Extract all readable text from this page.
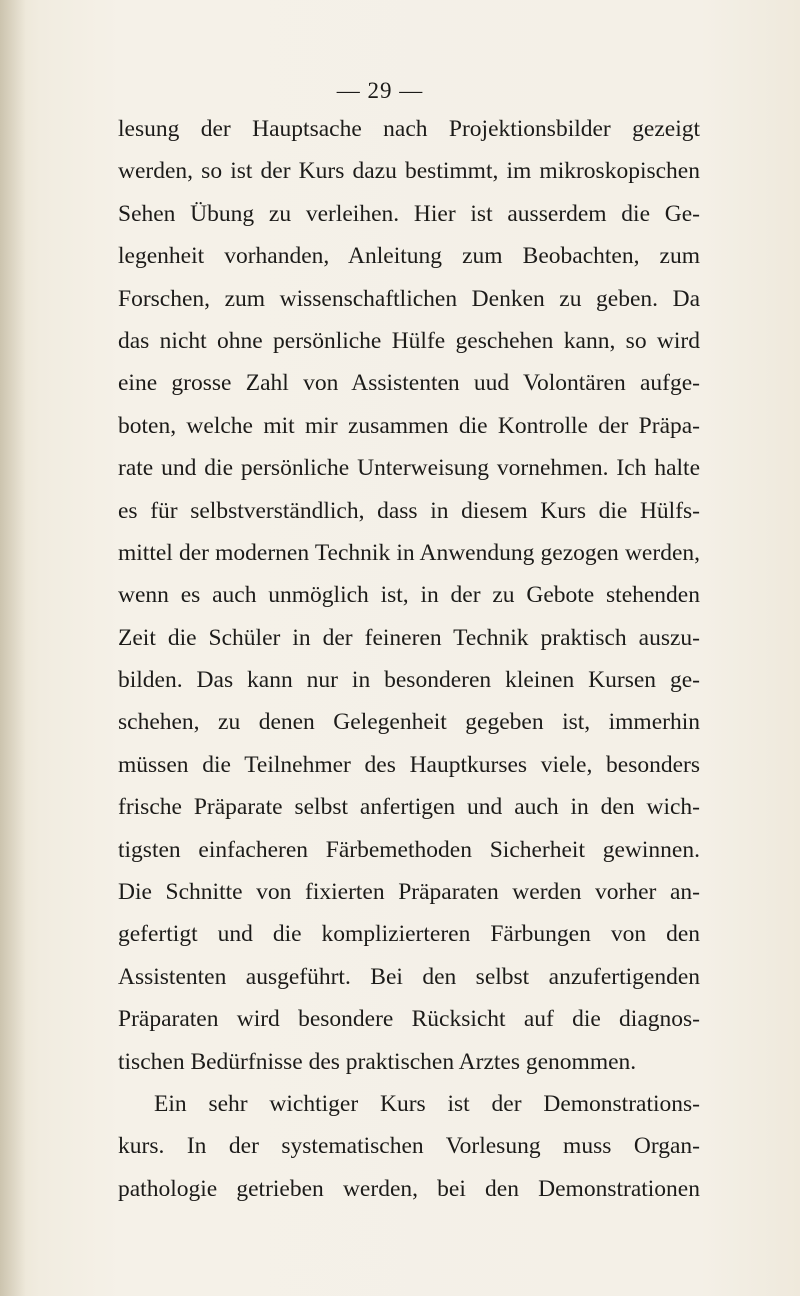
— 29 —
lesung der Hauptsache nach Projektionsbilder gezeigt
werden, so ist der Kurs dazu bestimmt, im mikroskopischen
Sehen Übung zu verleihen. Hier ist ausserdem die Ge-
legenheit vorhanden, Anleitung zum Beobachten, zum
Forschen, zum wissenschaftlichen Denken zu geben. Da
das nicht ohne persönliche Hülfe geschehen kann, so wird
eine grosse Zahl von Assistenten uud Volontären aufge-
boten, welche mit mir zusammen die Kontrolle der Präpa-
rate und die persönliche Unterweisung vornehmen. Ich halte
es für selbstverständlich, dass in diesem Kurs die Hülfs-
mittel der modernen Technik in Anwendung gezogen werden,
wenn es auch unmöglich ist, in der zu Gebote stehenden
Zeit die Schüler in der feineren Technik praktisch auszu-
bilden. Das kann nur in besonderen kleinen Kursen ge-
schehen, zu denen Gelegenheit gegeben ist, immerhin
müssen die Teilnehmer des Hauptkurses viele, besonders
frische Präparate selbst anfertigen und auch in den wich-
tigsten einfacheren Färbemethoden Sicherheit gewinnen.
Die Schnitte von fixierten Präparaten werden vorher an-
gefertigt und die komplizierteren Färbungen von den
Assistenten ausgeführt. Bei den selbst anzufertigenden
Präparaten wird besondere Rücksicht auf die diagnos-
tischen Bedürfnisse des praktischen Arztes genommen.
Ein sehr wichtiger Kurs ist der Demonstrations-
kurs. In der systematischen Vorlesung muss Organ-
pathologie getrieben werden, bei den Demonstrationen
